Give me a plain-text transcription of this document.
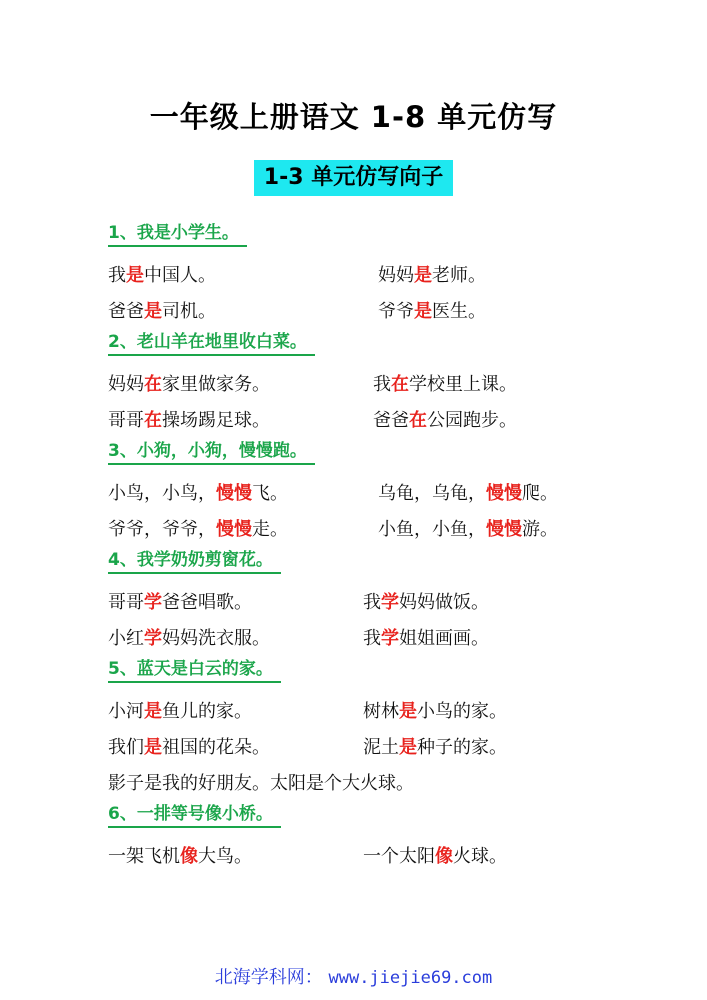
一年级上册语文 1-8 单元仿写
1-3 单元仿写向子
1、我是小学生。

我是中国人。	妈妈是老师。
爸爸是司机。	爷爷是医生。
2、老山羊在地里收白菜。

妈妈在家里做家务。	我在学校里上课。
哥哥在操场踢足球。	爸爸在公园跑步。
3、小狗，小狗，慢慢跑。

小鸟，小鸟，慢慢飞。	乌龟，乌龟，慢慢爬。
爷爷，爷爷，慢慢走。	小鱼，小鱼，慢慢游。
4、我学奶奶剪窗花。

哥哥学爸爸唱歌。	我学妈妈做饭。
小红学妈妈洗衣服。	我学姐姐画画。
5、蓝天是白云的家。

小河是鱼儿的家。	树林是小鸟的家。
我们是祖国的花朵。	泥土是种子的家。
影子是我的好朋友。太阳是个大火球。
6、一排等号像小桥。

一架飞机像大鸟。	一个太阳像火球。
北海学科网： www.jiejie69.com
